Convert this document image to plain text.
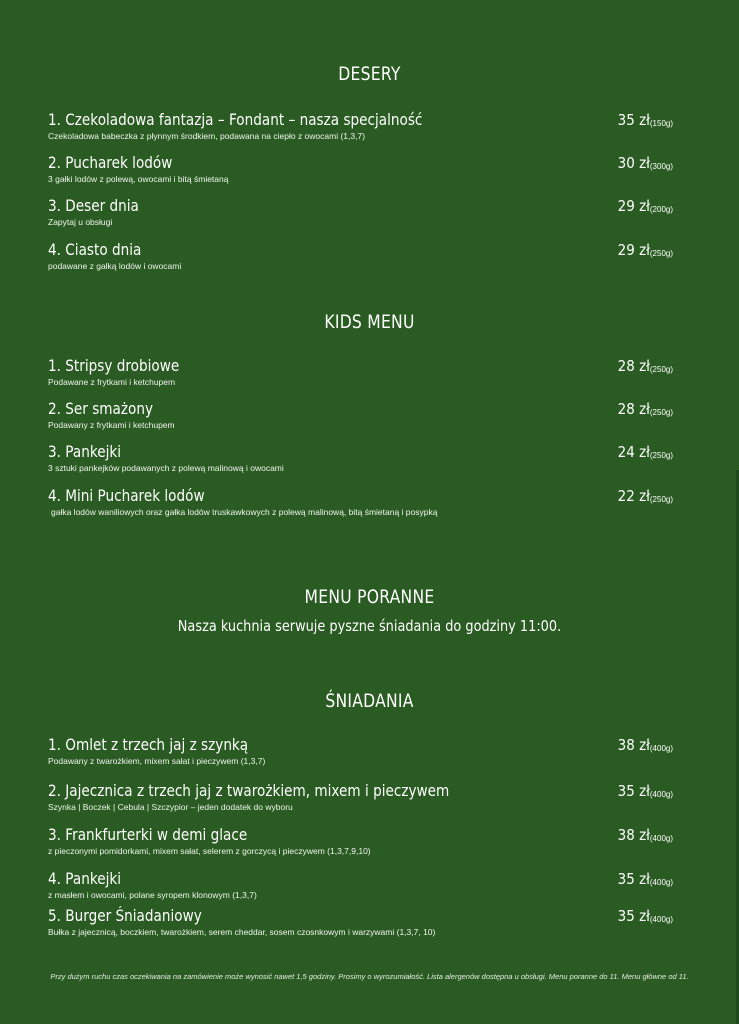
DESERY
1. Czekoladowa fantazja – Fondant – nasza specjalność
Czekoladowa babeczka z płynnym środkiem, podawana na ciepło z owocami (1,3,7)
35 zł(150g)
2. Pucharek lodów
3 gałki lodów z polewą, owocami i bitą śmietaną
30 zł(300g)
3. Deser dnia
Zapytaj u obsługi
29 zł(200g)
4. Ciasto dnia
podawane z gałką lodów i owocami
29 zł(250g)
KIDS MENU
1. Stripsy drobiowe
Podawane z frytkami i ketchupem
28 zł(250g)
2. Ser smażony
Podawany z frytkami i ketchupem
28 zł(250g)
3. Pankejki
3 sztuki pankejków podawanych z polewą malinową i owocami
24 zł(250g)
4. Mini Pucharek lodów
gałka lodów waniliowych oraz gałka lodów truskawkowych z polewą malinową, bitą śmietaną i posypką
22 zł(250g)
MENU PORANNE
Nasza kuchnia serwuje pyszne śniadania do godziny 11:00.
ŚNIADANIA
1. Omlet z trzech jaj z szynką
Podawany z twarożkiem, mixem sałat i pieczywem (1,3,7)
38 zł(400g)
2. Jajecznica z trzech jaj z twarożkiem, mixem i pieczywem
Szynka | Boczek | Cebula | Szczypior – jeden dodatek do wyboru
35 zł(400g)
3. Frankfurterki w demi glace
z pieczonymi pomidorkami, mixem sałat, selerem z gorczycą i pieczywem (1,3,7,9,10)
38 zł(400g)
4. Pankejki
z masłem i owocami, polane syropem klonowym (1,3,7)
35 zł(400g)
5. Burger Śniadaniowy
Bułka z jajecznicą, boczkiem, twarożkiem, serem cheddar, sosem czosnkowym i warzywami (1,3,7, 10)
35 zł(400g)
Przy dużym ruchu czas oczekiwania na zamówienie może wynosić nawet 1,5 godziny. Prosimy o wyrozumiałość. Lista alergenów dostępna u obsługi. Menu poranne do 11. Menu główne od 11.
